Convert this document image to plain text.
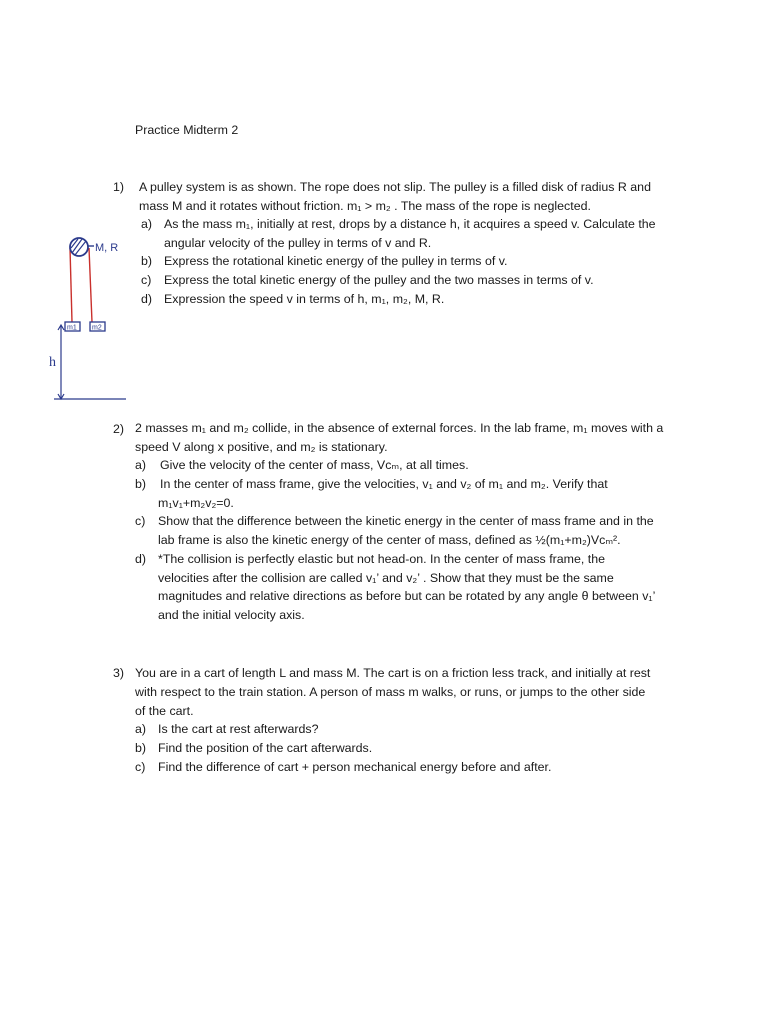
Practice Midterm 2
1) A pulley system is as shown. The rope does not slip. The pulley is a filled disk of radius R and
mass M and it rotates without friction. m₁ > m₂ . The mass of the rope is neglected.
a) As the mass m₁, initially at rest, drops by a distance h, it acquires a speed v. Calculate the
angular velocity of the pulley in terms of v and R.
b) Express the rotational kinetic energy of the pulley in terms of v.
c) Express the total kinetic energy of the pulley and the two masses in terms of v.
d) Expression the speed v in terms of h, m₁, m₂, M, R.
M, R
m1 m2
h
2) 2 masses m₁ and m₂ collide, in the absence of external forces. In the lab frame, m₁ moves with a
speed V along x positive, and m₂ is stationary.
a) Give the velocity of the center of mass, Vᴄₘ, at all times.
b) In the center of mass frame, give the velocities, v₁ and v₂ of m₁ and m₂. Verify that
m₁v₁+m₂v₂=0.
c) Show that the difference between the kinetic energy in the center of mass frame and in the
lab frame is also the kinetic energy of the center of mass, defined as ½(m₁+m₂)Vᴄₘ².
d) *The collision is perfectly elastic but not head-on. In the center of mass frame, the
velocities after the collision are called v₁’ and v₂’ . Show that they must be the same
magnitudes and relative directions as before but can be rotated by any angle θ between v₁’
and the initial velocity axis.
3) You are in a cart of length L and mass M. The cart is on a friction less track, and initially at rest
with respect to the train station. A person of mass m walks, or runs, or jumps to the other side
of the cart.
a) Is the cart at rest afterwards?
b) Find the position of the cart afterwards.
c) Find the difference of cart + person mechanical energy before and after.
